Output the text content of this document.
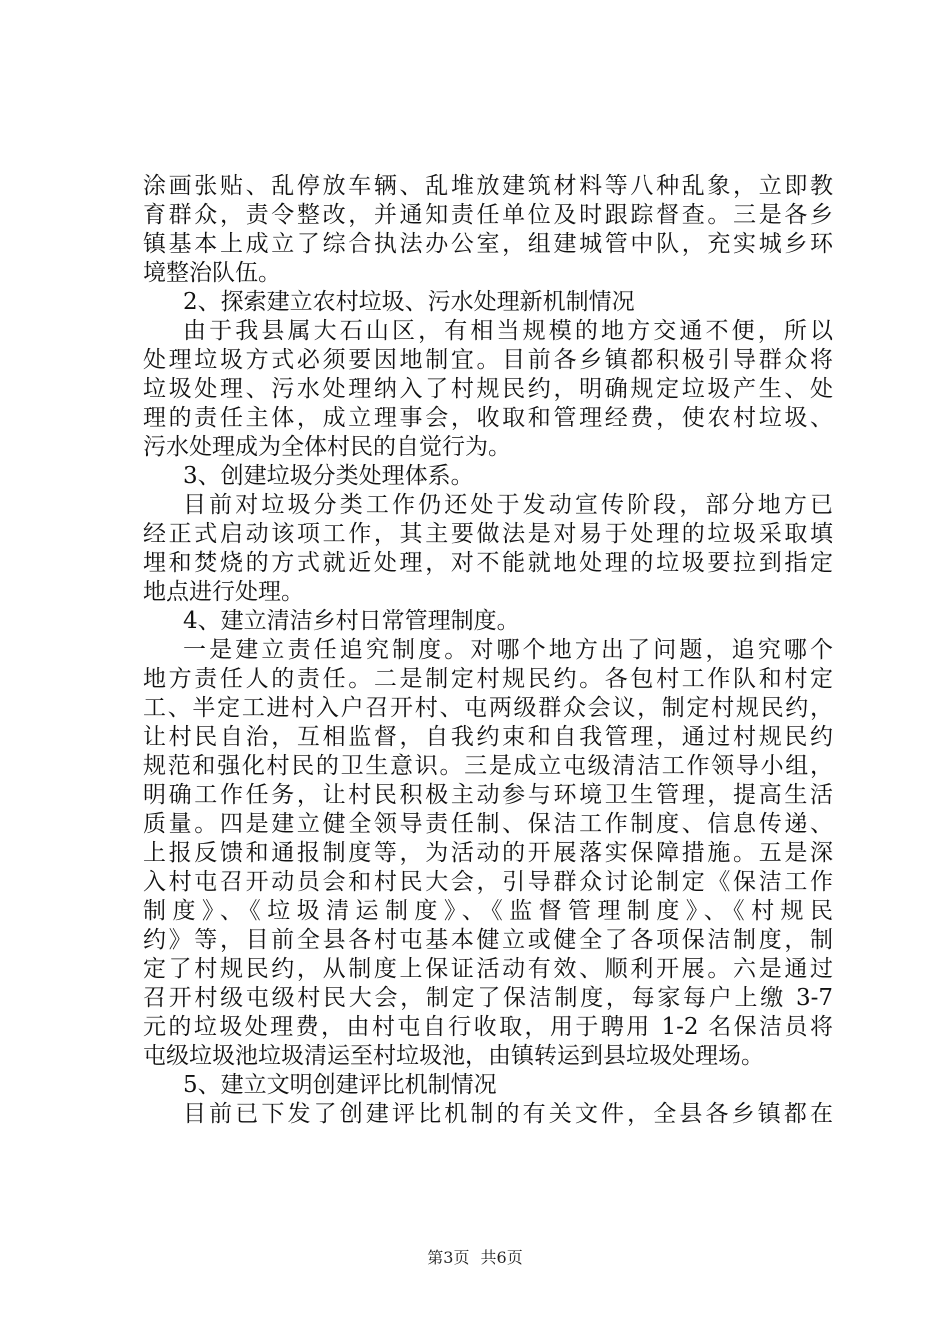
涂画张贴、乱停放车辆、乱堆放建筑材料等八种乱象，立即教
育群众，责令整改，并通知责任单位及时跟踪督查。三是各乡
镇基本上成立了综合执法办公室，组建城管中队，充实城乡环
境整治队伍。
2、探索建立农村垃圾、污水处理新机制情况
由于我县属大石山区，有相当规模的地方交通不便，所以
处理垃圾方式必须要因地制宜。目前各乡镇都积极引导群众将
垃圾处理、污水处理纳入了村规民约，明确规定垃圾产生、处
理的责任主体，成立理事会，收取和管理经费，使农村垃圾、
污水处理成为全体村民的自觉行为。
3、创建垃圾分类处理体系。
目前对垃圾分类工作仍还处于发动宣传阶段，部分地方已
经正式启动该项工作，其主要做法是对易于处理的垃圾采取填
埋和焚烧的方式就近处理，对不能就地处理的垃圾要拉到指定
地点进行处理。
4、建立清洁乡村日常管理制度。
一是建立责任追究制度。对哪个地方出了问题，追究哪个
地方责任人的责任。二是制定村规民约。各包村工作队和村定
工、半定工进村入户召开村、屯两级群众会议，制定村规民约，
让村民自治，互相监督，自我约束和自我管理，通过村规民约
规范和强化村民的卫生意识。三是成立屯级清洁工作领导小组，
明确工作任务，让村民积极主动参与环境卫生管理，提高生活
质量。四是建立健全领导责任制、保洁工作制度、信息传递、
上报反馈和通报制度等，为活动的开展落实保障措施。五是深
入村屯召开动员会和村民大会，引导群众讨论制定《保洁工作
制度》、《垃圾清运制度》、《监督管理制度》、《村规民
约》等，目前全县各村屯基本健立或健全了各项保洁制度，制
定了村规民约，从制度上保证活动有效、顺利开展。六是通过
召开村级屯级村民大会，制定了保洁制度，每家每户上缴 3-7
元的垃圾处理费，由村屯自行收取，用于聘用 1-2 名保洁员将
屯级垃圾池垃圾清运至村垃圾池，由镇转运到县垃圾处理场。
5、建立文明创建评比机制情况
目前已下发了创建评比机制的有关文件，全县各乡镇都在
第3页 共6页
